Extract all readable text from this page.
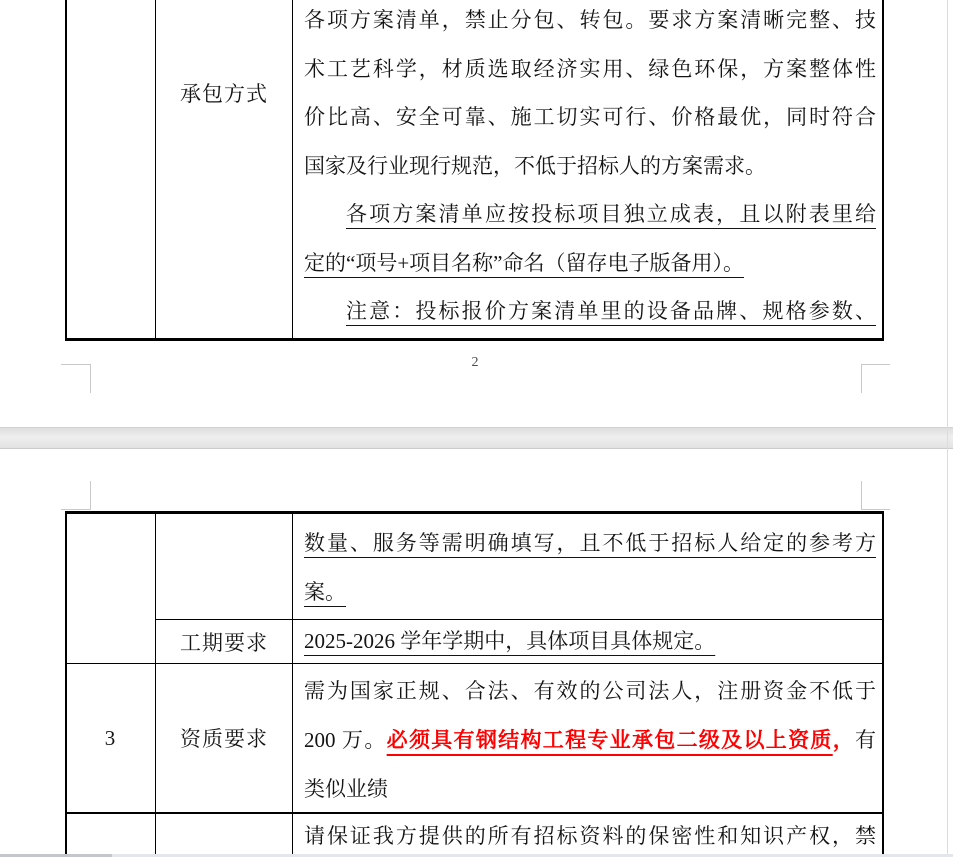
承包方式
各项方案清单，禁止分包、转包。要求方案清晰完整、技
术工艺科学，材质选取经济实用、绿色环保，方案整体性
价比高、安全可靠、施工切实可行、价格最优，同时符合
国家及行业现行规范，不低于招标人的方案需求。
各项方案清单应按投标项目独立成表，且以附表里给
定的“项号+项目名称”命名（留存电子版备用）。
注意：投标报价方案清单里的设备品牌、规格参数、
2
数量、服务等需明确填写，且不低于招标人给定的参考方
案。
工期要求 2025-2026 学年学期中，具体项目具体规定。
3	资质要求
需为国家正规、合法、有效的公司法人，注册资金不低于
200 万。必须具有钢结构工程专业承包二级及以上资质，有
类似业绩
请保证我方提供的所有招标资料的保密性和知识产权，禁
